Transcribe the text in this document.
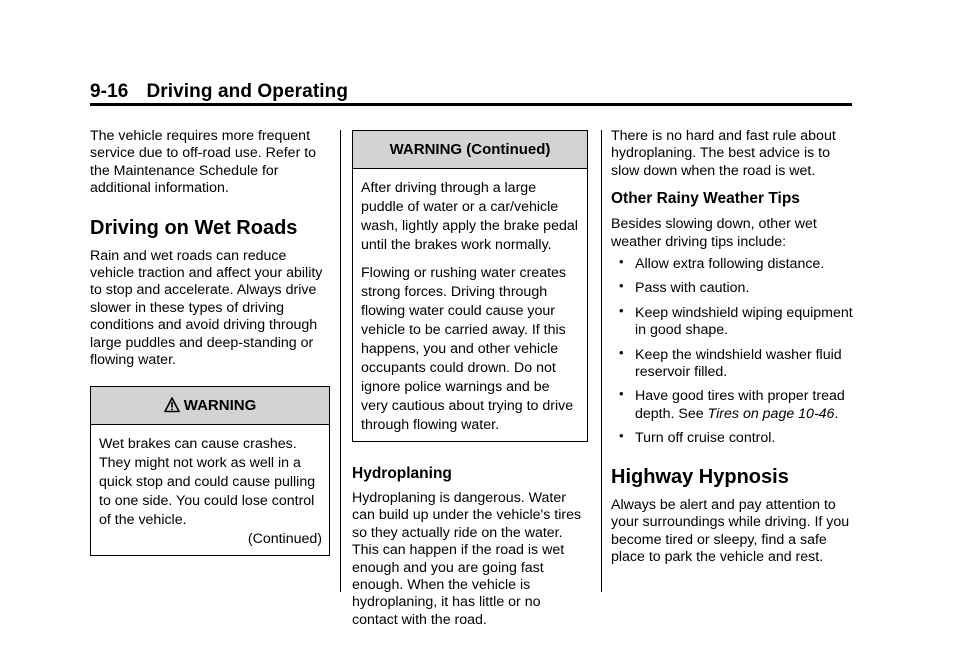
9-16 Driving and Operating

The vehicle requires more frequent service due to off-road use. Refer to the Maintenance Schedule for additional information.

Driving on Wet Roads

Rain and wet roads can reduce vehicle traction and affect your ability to stop and accelerate. Always drive slower in these types of driving conditions and avoid driving through large puddles and deep-standing or flowing water.

WARNING

Wet brakes can cause crashes. They might not work as well in a quick stop and could cause pulling to one side. You could lose control of the vehicle.

(Continued)

WARNING (Continued)

After driving through a large puddle of water or a car/vehicle wash, lightly apply the brake pedal until the brakes work normally.

Flowing or rushing water creates strong forces. Driving through flowing water could cause your vehicle to be carried away. If this happens, you and other vehicle occupants could drown. Do not ignore police warnings and be very cautious about trying to drive through flowing water.

Hydroplaning

Hydroplaning is dangerous. Water can build up under the vehicle's tires so they actually ride on the water. This can happen if the road is wet enough and you are going fast enough. When the vehicle is hydroplaning, it has little or no contact with the road.

There is no hard and fast rule about hydroplaning. The best advice is to slow down when the road is wet.

Other Rainy Weather Tips

Besides slowing down, other wet weather driving tips include:

• Allow extra following distance.
• Pass with caution.
• Keep windshield wiping equipment in good shape.
• Keep the windshield washer fluid reservoir filled.
• Have good tires with proper tread depth. See Tires on page 10-46.
• Turn off cruise control.
Highway Hypnosis

Always be alert and pay attention to your surroundings while driving. If you become tired or sleepy, find a safe place to park the vehicle and rest.
